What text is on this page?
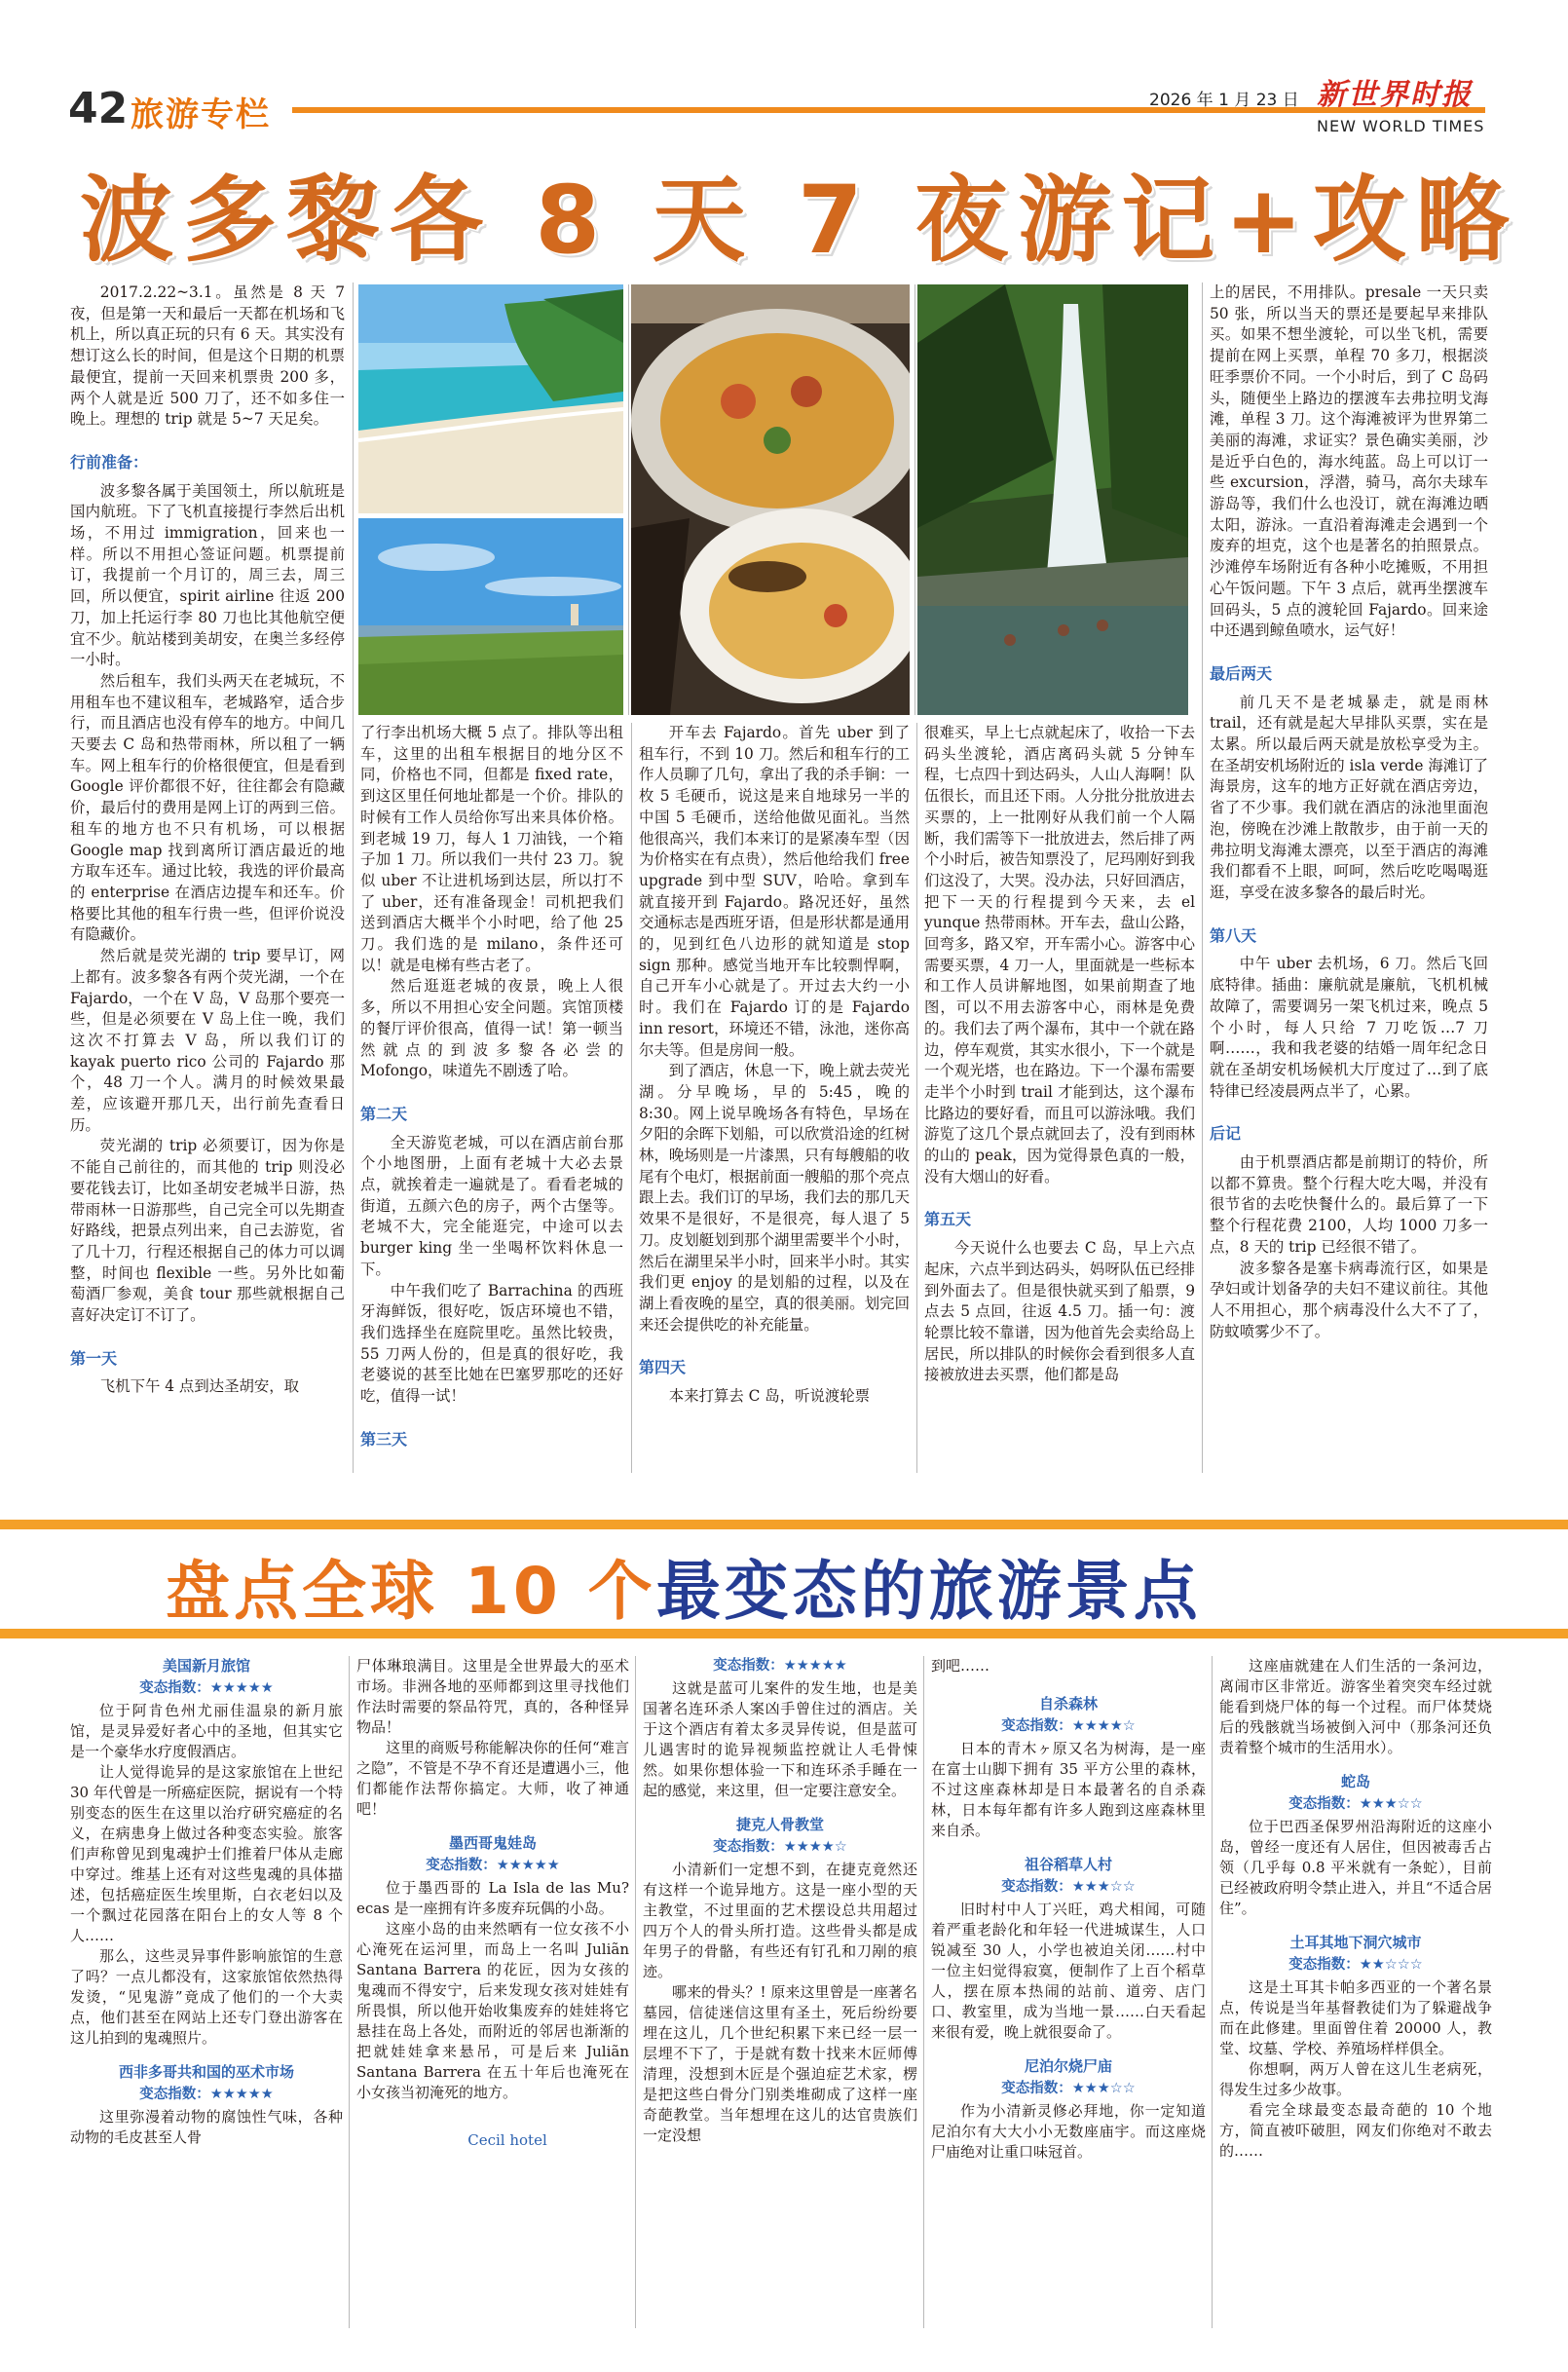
42 旅游专栏	2026 年 1 月 23 日 新世界时报
NEW WORLD TIMES
波多黎各 8 天 7 夜游记+攻略

2017.2.22~3.1。虽然是 8 天 7 夜，但是第一天和最后一天都在机场和飞机上，所以真正玩的只有 6 天。其实没有想订这么长的时间，但是这个日期的机票最便宜，提前一天回来机票贵 200 多，两个人就是近 500 刀了，还不如多住一晚上。理想的 trip 就是 5~7 天足矣。

行前准备：

波多黎各属于美国领土，所以航班是国内航班。下了飞机直接提行李然后出机场，不用过 immigration，回来也一样。所以不用担心签证问题。机票提前订，我提前一个月订的，周三去，周三回，所以便宜，spirit airline 往返 200 刀，加上托运行李 80 刀也比其他航空便宜不少。航站楼到美胡安，在奥兰多经停一小时。

然后租车，我们头两天在老城玩，不用租车也不建议租车，老城路窄，适合步行，而且酒店也没有停车的地方。中间几天要去 C 岛和热带雨林，所以租了一辆车。网上租车行的价格很便宜，但是看到 Google 评价都很不好，往往都会有隐藏价，最后付的费用是网上订的两到三倍。租车的地方也不只有机场，可以根据 Google map 找到离所订酒店最近的地方取车还车。通过比较，我选的评价最高的 enterprise 在酒店边提车和还车。价格要比其他的租车行贵一些，但评价说没有隐藏价。

然后就是荧光湖的 trip 要早订，网上都有。波多黎各有两个荧光湖，一个在 Fajardo，一个在 V 岛，V 岛那个要亮一些，但是必须要在 V 岛上住一晚，我们这次不打算去 V 岛，所以我们订的 kayak puerto rico 公司的 Fajardo 那个，48 刀一个人。满月的时候效果最差，应该避开那几天，出行前先查看日历。

荧光湖的 trip 必须要订，因为你是不能自己前往的，而其他的 trip 则没必要花钱去订，比如圣胡安老城半日游，热带雨林一日游那些，自己完全可以先期查好路线，把景点列出来，自己去游览，省了几十刀，行程还根据自己的体力可以调整，时间也 flexible 一些。另外比如葡萄酒厂参观，美食 tour 那些就根据自己喜好决定订不订了。

第一天

飞机下午 4 点到达圣胡安，取

了行李出机场大概 5 点了。排队等出租车，这里的出租车根据目的地分区不同，价格也不同，但都是 fixed rate，到这区里任何地址都是一个价。排队的时候有工作人员给你写出来具体价格。到老城 19 刀，每人 1 刀油钱，一个箱子加 1 刀。所以我们一共付 23 刀。貌似 uber 不让进机场到达层，所以打不了 uber，还有准备现金！司机把我们送到酒店大概半个小时吧，给了他 25 刀。我们选的是 milano，条件还可以！就是电梯有些古老了。

然后逛逛老城的夜景，晚上人很多，所以不用担心安全问题。宾馆顶楼的餐厅评价很高，值得一试！第一顿当然就点的到波多黎各必尝的 Mofongo，味道先不剧透了哈。

第二天

全天游览老城，可以在酒店前台那个小地图册，上面有老城十大必去景点，就挨着走一遍就是了。看看老城的街道，五颜六色的房子，两个古堡等。老城不大，完全能逛完，中途可以去 burger king 坐一坐喝杯饮料休息一下。

中午我们吃了 Barrachina 的西班牙海鲜饭，很好吃，饭店环境也不错，我们选择坐在庭院里吃。虽然比较贵，55 刀两人份的，但是真的很好吃，我老婆说的甚至比她在巴塞罗那吃的还好吃，值得一试！

第三天

开车去 Fajardo。首先 uber 到了租车行，不到 10 刀。然后和租车行的工作人员聊了几句，拿出了我的杀手锏：一枚 5 毛硬币，说这是来自地球另一半的中国 5 毛硬币，送给他做见面礼。当然他很高兴，我们本来订的是紧凑车型（因为价格实在有点贵），然后他给我们 free upgrade 到中型 SUV，哈哈。拿到车就直接开到 Fajardo。路况还好，虽然交通标志是西班牙语，但是形状都是通用的，见到红色八边形的就知道是 stop sign 那种。感觉当地开车比较剽悍啊，自己开车小心就是了。开过去大约一小时。我们在 Fajardo 订的是 Fajardo inn resort，环境还不错，泳池，迷你高尔夫等。但是房间一般。

到了酒店，休息一下，晚上就去荧光湖。分早晚场，早的 5:45，晚的 8:30。网上说早晚场各有特色，早场在夕阳的余晖下划船，可以欣赏沿途的红树林，晚场则是一片漆黑，只有每艘船的收尾有个电灯，根据前面一艘船的那个亮点跟上去。我们订的早场，我们去的那几天效果不是很好，不是很亮，每人退了 5 刀。皮划艇划到那个湖里需要半个小时，然后在湖里呆半小时，回来半小时。其实我们更 enjoy 的是划船的过程，以及在湖上看夜晚的星空，真的很美丽。划完回来还会提供吃的补充能量。

第四天

本来打算去 C 岛，听说渡轮票

很难买，早上七点就起床了，收拾一下去码头坐渡轮，酒店离码头就 5 分钟车程，七点四十到达码头，人山人海啊！队伍很长，而且还下雨。人分批分批放进去买票的，上一批刚好从我们前一个人隔断，我们需等下一批放进去，然后排了两个小时后，被告知票没了，尼玛刚好到我们这没了，大哭。没办法，只好回酒店，把下一天的行程提到今天来，去 el yunque 热带雨林。开车去，盘山公路，回弯多，路又窄，开车需小心。游客中心需要买票，4 刀一人，里面就是一些标本和工作人员讲解地图，如果前期查了地图，可以不用去游客中心，雨林是免费的。我们去了两个瀑布，其中一个就在路边，停车观赏，其实水很小，下一个就是一个观光塔，也在路边。下一个瀑布需要走半个小时到 trail 才能到达，这个瀑布比路边的要好看，而且可以游泳哦。我们游览了这几个景点就回去了，没有到雨林的山的 peak，因为觉得景色真的一般，没有大烟山的好看。

第五天

今天说什么也要去 C 岛，早上六点起床，六点半到达码头，妈呀队伍已经排到外面去了。但是很快就买到了船票，9 点去 5 点回，往返 4.5 刀。插一句：渡轮票比较不靠谱，因为他首先会卖给岛上居民，所以排队的时候你会看到很多人直接被放进去买票，他们都是岛

上的居民，不用排队。presale 一天只卖 50 张，所以当天的票还是要起早来排队买。如果不想坐渡轮，可以坐飞机，需要提前在网上买票，单程 70 多刀，根据淡旺季票价不同。一个小时后，到了 C 岛码头，随便坐上路边的摆渡车去弗拉明戈海滩，单程 3 刀。这个海滩被评为世界第二美丽的海滩，求证实？景色确实美丽，沙是近乎白色的，海水纯蓝。岛上可以订一些 excursion，浮潜，骑马，高尔夫球车游岛等，我们什么也没订，就在海滩边晒太阳，游泳。一直沿着海滩走会遇到一个废弃的坦克，这个也是著名的拍照景点。沙滩停车场附近有各种小吃摊贩，不用担心午饭问题。下午 3 点后，就再坐摆渡车回码头，5 点的渡轮回 Fajardo。回来途中还遇到鲸鱼喷水，运气好！

最后两天

前几天不是老城暴走，就是雨林 trail，还有就是起大早排队买票，实在是太累。所以最后两天就是放松享受为主。在圣胡安机场附近的 isla verde 海滩订了海景房，这车的地方正好就在酒店旁边，省了不少事。我们就在酒店的泳池里面泡泡，傍晚在沙滩上散散步，由于前一天的弗拉明戈海滩太漂亮，以至于酒店的海滩我们都看不上眼，呵呵，然后吃吃喝喝逛逛，享受在波多黎各的最后时光。

第八天

中午 uber 去机场，6 刀。然后飞回底特律。插曲：廉航就是廉航，飞机机械故障了，需要调另一架飞机过来，晚点 5 个小时，每人只给 7 刀吃饭…7 刀啊……，我和我老婆的结婚一周年纪念日就在圣胡安机场候机大厅度过了…到了底特律已经凌晨两点半了，心累。

后记

由于机票酒店都是前期订的特价，所以都不算贵。整个行程大吃大喝，并没有很节省的去吃快餐什么的。最后算了一下整个行程花费 2100，人均 1000 刀多一点，8 天的 trip 已经很不错了。

波多黎各是塞卡病毒流行区，如果是孕妇或计划备孕的夫妇不建议前往。其他人不用担心，那个病毒没什么大不了了，防蚊喷雾少不了。

盘点全球 10 个最变态的旅游景点

美国新月旅馆

变态指数：★★★★★

位于阿肯色州尤丽佳温泉的新月旅馆，是灵异爱好者心中的圣地，但其实它是一个豪华水疗度假酒店。

让人觉得诡异的是这家旅馆在上世纪 30 年代曾是一所癌症医院，据说有一个特别变态的医生在这里以治疗研究癌症的名义，在病患身上做过各种变态实验。旅客们声称曾见到鬼魂护士们推着尸体从走廊中穿过。维基上还有对这些鬼魂的具体描述，包括癌症医生埃里斯，白衣老妇以及一个飘过花园落在阳台上的女人等 8 个人……

那么，这些灵异事件影响旅馆的生意了吗？一点儿都没有，这家旅馆依然热得发烫，“见鬼游”竟成了他们的一个大卖点，他们甚至在网站上还专门登出游客在这儿拍到的鬼魂照片。

西非多哥共和国的巫术市场

变态指数：★★★★★

这里弥漫着动物的腐蚀性气味，各种动物的毛皮甚至人骨

尸体琳琅满目。这里是全世界最大的巫术市场。非洲各地的巫师都到这里寻找他们作法时需要的祭品符咒，真的，各种怪异物品！

这里的商贩号称能解决你的任何“难言之隐”，不管是不孕不育还是遭遇小三，他们都能作法帮你搞定。大师，收了神通吧！

墨西哥鬼娃岛

变态指数：★★★★★

位于墨西哥的 La Isla de las Mu?ecas 是一座拥有许多废弃玩偶的小岛。

这座小岛的由来然晒有一位女孩不小心淹死在运河里，而岛上一名叫 Juliãn Santana Barrera 的花匠，因为女孩的鬼魂而不得安宁，后来发现女孩对娃娃有所畏惧，所以他开始收集废弃的娃娃将它悬挂在岛上各处，而附近的邻居也渐渐的把就娃娃拿来悬吊，可是后来 Juliãn Santana Barrera 在五十年后也淹死在小女孩当初淹死的地方。

Cecil hotel

变态指数：★★★★★

这就是蓝可儿案件的发生地，也是美国著名连环杀人案凶手曾住过的酒店。关于这个酒店有着太多灵异传说，但是蓝可儿遇害时的诡异视频监控就让人毛骨悚然。如果你想体验一下和连环杀手睡在一起的感觉，来这里，但一定要注意安全。

捷克人骨教堂

变态指数：★★★★☆

小清新们一定想不到，在捷克竟然还有这样一个诡异地方。这是一座小型的天主教堂，不过里面的艺术摆设总共用超过四万个人的骨头所打造。这些骨头都是成年男子的骨骼，有些还有钉孔和刀剐的痕迹。

哪来的骨头？! 原来这里曾是一座著名墓园，信徒迷信这里有圣土，死后纷纷要埋在这儿，几个世纪积累下来已经一层一层埋不下了，于是就有数十找来木匠师傅清理，没想到木匠是个强迫症艺术家，楞是把这些白骨分门别类堆砌成了这样一座奇葩教堂。当年想埋在这儿的达官贵族们一定没想

到吧……

自杀森林

变态指数：★★★★☆

日本的青木ヶ原又名为树海，是一座在富士山脚下拥有 35 平方公里的森林，不过这座森林却是日本最著名的自杀森林，日本每年都有许多人跑到这座森林里来自杀。

祖谷稻草人村

变态指数：★★★☆☆

旧时村中人丁兴旺，鸡犬相闻，可随着严重老龄化和年轻一代进城谋生，人口锐减至 30 人，小学也被迫关闭……村中一位主妇觉得寂寞，便制作了上百个稻草人，摆在原本热闹的站前、道旁、店门口、教室里，成为当地一景……白天看起来很有爱，晚上就很耍命了。

尼泊尔烧尸庙

变态指数：★★★☆☆

作为小清新灵修必拜地，你一定知道尼泊尔有大大小小无数座庙宇。而这座烧尸庙绝对让重口味冠首。

这座庙就建在人们生活的一条河边，离闹市区非常近。游客坐着突突车经过就能看到烧尸体的每一个过程。而尸体焚烧后的残骸就当场被倒入河中（那条河还负责着整个城市的生活用水）。

蛇岛

变态指数：★★★☆☆

位于巴西圣保罗州沿海附近的这座小岛，曾经一度还有人居住，但因被毒舌占领（几乎每 0.8 平米就有一条蛇），目前已经被政府明令禁止进入，并且“不适合居住”。

土耳其地下洞穴城市

变态指数：★★☆☆☆

这是土耳其卡帕多西亚的一个著名景点，传说是当年基督教徒们为了躲避战争而在此修建。里面曾住着 20000 人，教堂、坟墓、学校、养殖场样样俱全。

你想啊，两万人曾在这儿生老病死，得发生过多少故事。

看完全球最变态最奇葩的 10 个地方，简直被吓破胆，网友们你绝对不敢去的……
